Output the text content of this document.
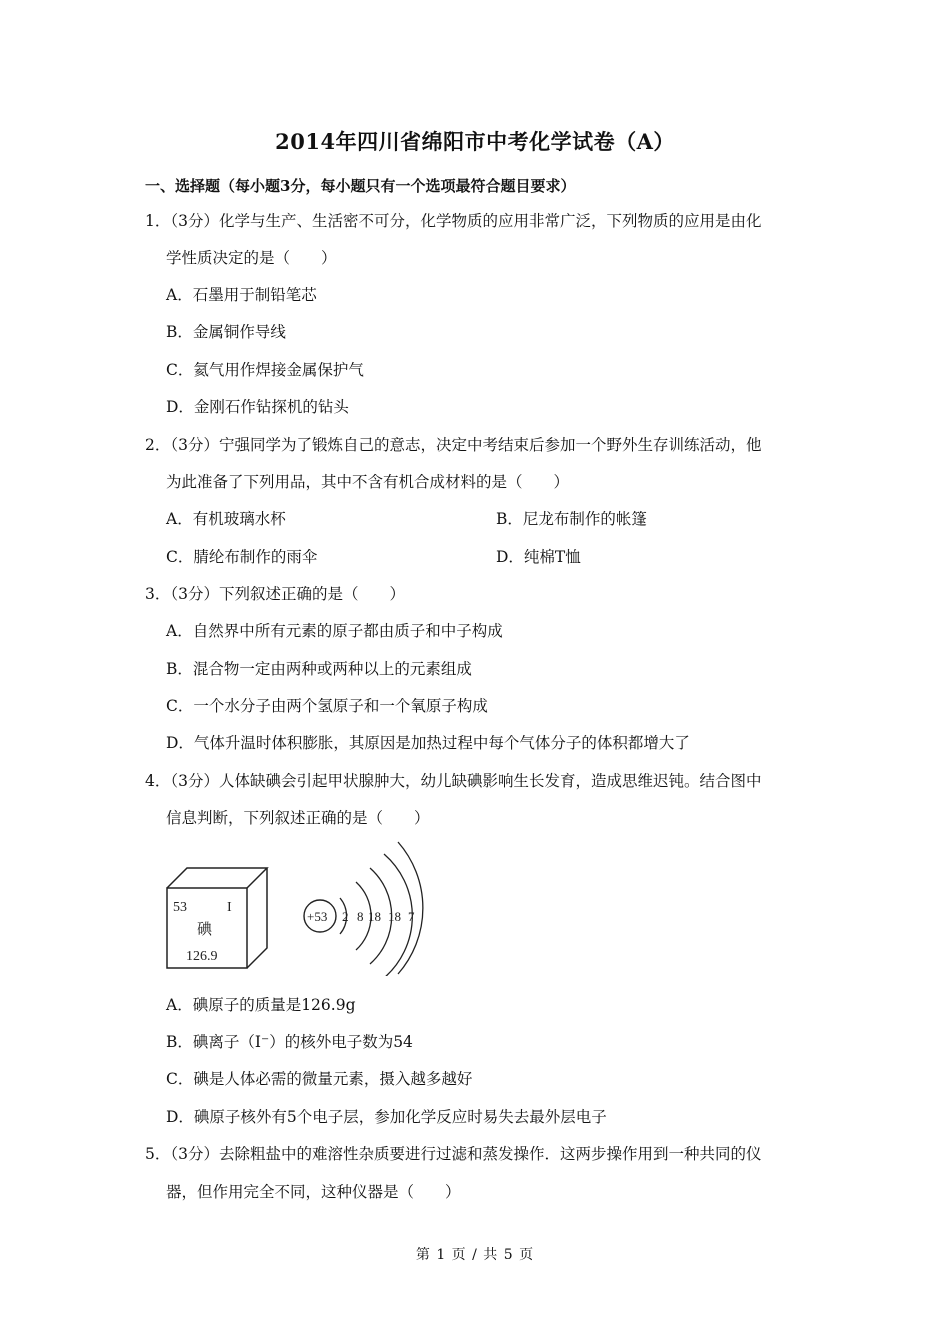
2014年四川省绵阳市中考化学试卷（A）
一、选择题（每小题3分，每小题只有一个选项最符合题目要求）
1．（3分）化学与生产、生活密不可分，化学物质的应用非常广泛，下列物质的应用是由化
学性质决定的是（　　）
A．石墨用于制铅笔芯
B．金属铜作导线
C．氦气用作焊接金属保护气
D．金刚石作钻探机的钻头
2．（3分）宁强同学为了锻炼自己的意志，决定中考结束后参加一个野外生存训练活动，他
为此准备了下列用品，其中不含有机合成材料的是（　　）
A．有机玻璃水杯	B．尼龙布制作的帐篷
C．腈纶布制作的雨伞	D．纯棉T恤
3．（3分）下列叙述正确的是（　　）
A．自然界中所有元素的原子都由质子和中子构成
B．混合物一定由两种或两种以上的元素组成
C．一个水分子由两个氢原子和一个氧原子构成
D．气体升温时体积膨胀，其原因是加热过程中每个气体分子的体积都增大了
4．（3分）人体缺碘会引起甲状腺肿大，幼儿缺碘影响生长发育，造成思维迟钝。结合图中
信息判断，下列叙述正确的是（　　）
53	I
碘
126.9
+53 2 8 18 18 7
A．碘原子的质量是126.9g
B．碘离子（I⁻）的核外电子数为54
C．碘是人体必需的微量元素，摄入越多越好
D．碘原子核外有5个电子层，参加化学反应时易失去最外层电子
5．（3分）去除粗盐中的难溶性杂质要进行过滤和蒸发操作．这两步操作用到一种共同的仪
器，但作用完全不同，这种仪器是（　　）
第 1 页 / 共 5 页
